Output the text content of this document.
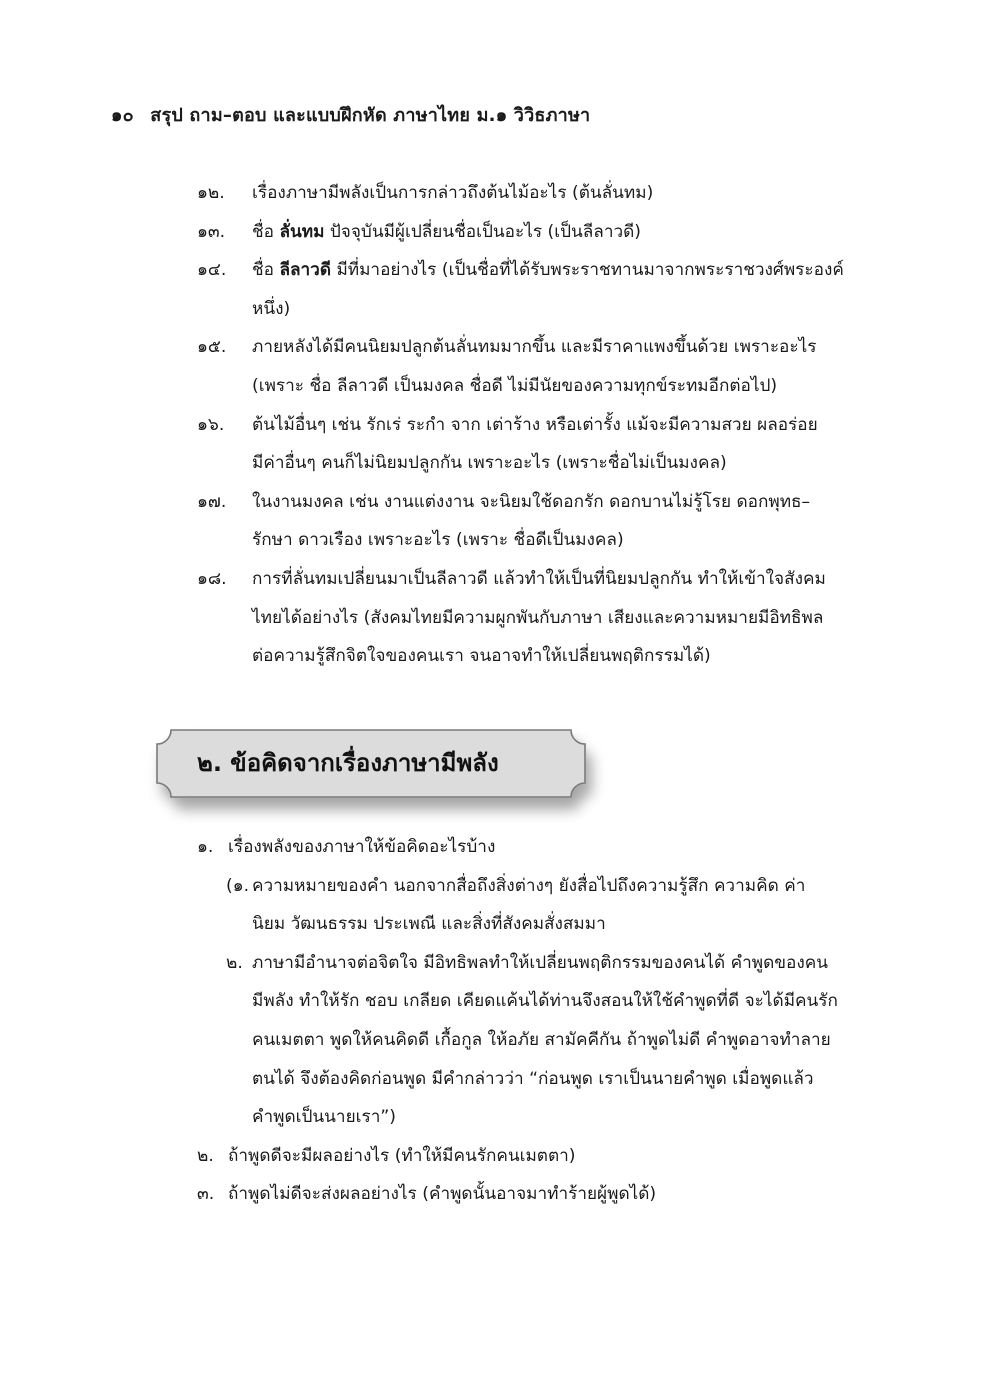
๑๐ สรุป ถาม–ตอบ และแบบฝึกหัด ภาษาไทย ม.๑ วิวิธภาษา
๑๒. เรื่องภาษามีพลังเป็นการกล่าวถึงต้นไม้อะไร (ต้นลั่นทม)
๑๓. ชื่อ ลั่นทม ปัจจุบันมีผู้เปลี่ยนชื่อเป็นอะไร (เป็นลีลาวดี)
๑๔. ชื่อ ลีลาวดี มีที่มาอย่างไร (เป็นชื่อที่ได้รับพระราชทานมาจากพระราชวงศ์พระองค์
หนึ่ง)
๑๕. ภายหลังได้มีคนนิยมปลูกต้นลั่นทมมากขึ้น และมีราคาแพงขึ้นด้วย เพราะอะไร
(เพราะ ชื่อ ลีลาวดี เป็นมงคล ชื่อดี ไม่มีนัยของความทุกข์ระทมอีกต่อไป)
๑๖. ต้นไม้อื่นๆ เช่น รักเร่ ระกำ จาก เต่าร้าง หรือเต่ารั้ง แม้จะมีความสวย ผลอร่อย
มีค่าอื่นๆ คนก็ไม่นิยมปลูกกัน เพราะอะไร (เพราะชื่อไม่เป็นมงคล)
๑๗. ในงานมงคล เช่น งานแต่งงาน จะนิยมใช้ดอกรัก ดอกบานไม่รู้โรย ดอกพุทธ–
รักษา ดาวเรือง เพราะอะไร (เพราะ ชื่อดีเป็นมงคล)
๑๘. การที่ลั่นทมเปลี่ยนมาเป็นลีลาวดี แล้วทำให้เป็นที่นิยมปลูกกัน ทำให้เข้าใจสังคม
ไทยได้อย่างไร (สังคมไทยมีความผูกพันกับภาษา เสียงและความหมายมีอิทธิพล
ต่อความรู้สึกจิตใจของคนเรา จนอาจทำให้เปลี่ยนพฤติกรรมได้)
๒. ข้อคิดจากเรื่องภาษามีพลัง
๑. เรื่องพลังของภาษาให้ข้อคิดอะไรบ้าง
(๑. ความหมายของคำ นอกจากสื่อถึงสิ่งต่างๆ ยังสื่อไปถึงความรู้สึก ความคิด ค่า
นิยม วัฒนธรรม ประเพณี และสิ่งที่สังคมสั่งสมมา
๒. ภาษามีอำนาจต่อจิตใจ มีอิทธิพลทำให้เปลี่ยนพฤติกรรมของคนได้ คำพูดของคน
มีพลัง ทำให้รัก ชอบ เกลียด เคียดแค้นได้ท่านจึงสอนให้ใช้คำพูดที่ดี จะได้มีคนรัก
คนเมตตา พูดให้คนคิดดี เกื้อกูล ให้อภัย สามัคคีกัน ถ้าพูดไม่ดี คำพูดอาจทำลาย
ตนได้ จึงต้องคิดก่อนพูด มีคำกล่าวว่า “ก่อนพูด เราเป็นนายคำพูด เมื่อพูดแล้ว
คำพูดเป็นนายเรา”)
๒. ถ้าพูดดีจะมีผลอย่างไร (ทำให้มีคนรักคนเมตตา)
๓. ถ้าพูดไม่ดีจะส่งผลอย่างไร (คำพูดนั้นอาจมาทำร้ายผู้พูดได้)
